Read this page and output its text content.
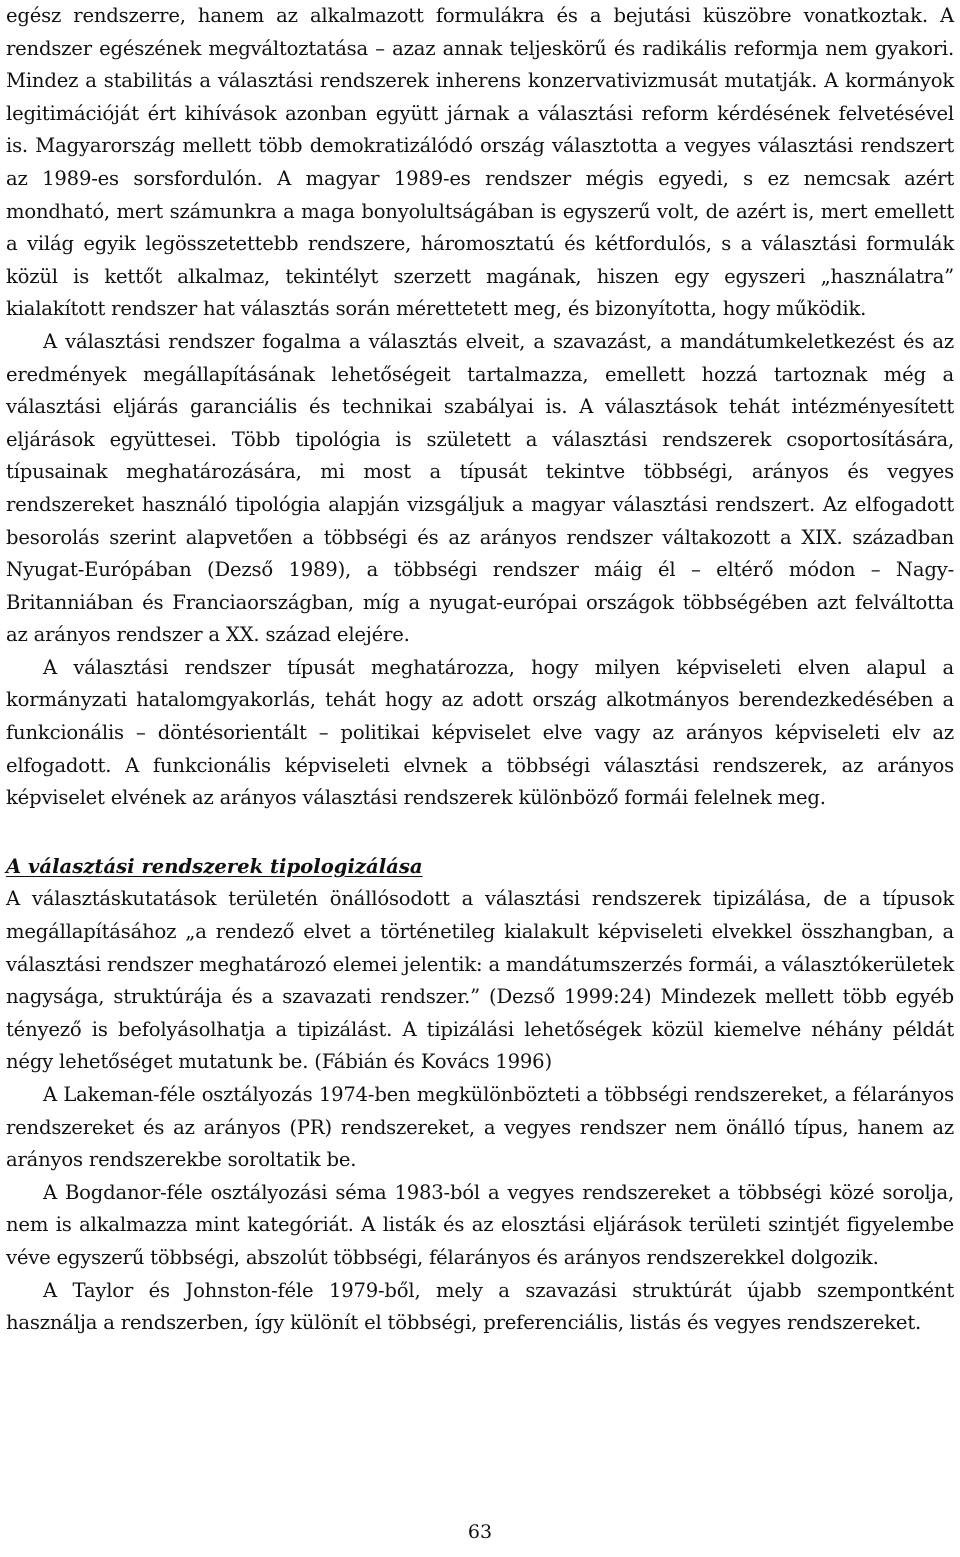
egész rendszerre, hanem az alkalmazott formulákra és a bejutási küszöbre vonatkoztak. A rendszer egészének megváltoztatása – azaz annak teljeskörű és radikális reformja nem gyakori. Mindez a stabilitás a választási rendszerek inherens konzervativizmusát mutatják. A kormányok legitimációját ért kihívások azonban együtt járnak a választási reform kérdésének felvetésével is. Magyarország mellett több demokratizálódó ország választotta a vegyes választási rendszert az 1989-es sorsfordulón. A magyar 1989-es rendszer mégis egyedi, s ez nemcsak azért mondható, mert számunkra a maga bonyolultságában is egyszerű volt, de azért is, mert emellett a világ egyik legösszetettebb rendszere, háromosztatú és kétfordulós, s a választási formulák közül is kettőt alkalmaz, tekintélyt szerzett magának, hiszen egy egyszeri „használatra” kialakított rendszer hat választás során mérettetett meg, és bizonyította, hogy működik.

A választási rendszer fogalma a választás elveit, a szavazást, a mandátumkeletkezést és az eredmények megállapításának lehetőségeit tartalmazza, emellett hozzá tartoznak még a választási eljárás garanciális és technikai szabályai is. A választások tehát intézményesített eljárások együttesei. Több tipológia is született a választási rendszerek csoportosítására, típusainak meghatározására, mi most a típusát tekintve többségi, arányos és vegyes rendszereket használó tipológia alapján vizsgáljuk a magyar választási rendszert. Az elfogadott besorolás szerint alapvetően a többségi és az arányos rendszer váltakozott a XIX. században Nyugat-Európában (Dezső 1989), a többségi rendszer máig él – eltérő módon – Nagy-Britanniában és Franciaországban, míg a nyugat-európai országok többségében azt felváltotta az arányos rendszer a XX. század elejére.

A választási rendszer típusát meghatározza, hogy milyen képviseleti elven alapul a kormányzati hatalomgyakorlás, tehát hogy az adott ország alkotmányos berendezkedésében a funkcionális – döntésorientált – politikai képviselet elve vagy az arányos képviseleti elv az elfogadott. A funkcionális képviseleti elvnek a többségi választási rendszerek, az arányos képviselet elvének az arányos választási rendszerek különböző formái felelnek meg.

A választási rendszerek tipologizálása

A választáskutatások területén önállósodott a választási rendszerek tipizálása, de a típusok megállapításához „a rendező elvet a történetileg kialakult képviseleti elvekkel összhangban, a választási rendszer meghatározó elemei jelentik: a mandátumszerzés formái, a választókerületek nagysága, struktúrája és a szavazati rendszer.” (Dezső 1999:24) Mindezek mellett több egyéb tényező is befolyásolhatja a tipizálást. A tipizálási lehetőségek közül kiemelve néhány példát négy lehetőséget mutatunk be. (Fábián és Kovács 1996)

A Lakeman-féle osztályozás 1974-ben megkülönböztetі a többségi rendszereket, a félarányos rendszereket és az arányos (PR) rendszereket, a vegyes rendszer nem önálló típus, hanem az arányos rendszerekbe soroltatik be.

A Bogdanor-féle osztályozási séma 1983-ból a vegyes rendszereket a többségi közé sorolja, nem is alkalmazza mint kategóriát. A listák és az elosztási eljárások területi szintjét figyelembe véve egyszerű többségi, abszolút többségi, félarányos és arányos rendszerekkel dolgozik.

A Taylor és Johnston-féle 1979-ből, mely a szavazási struktúrát újabb szempontként használja a rendszerben, így különít el többségi, preferenciális, listás és vegyes rendszereket.

63
